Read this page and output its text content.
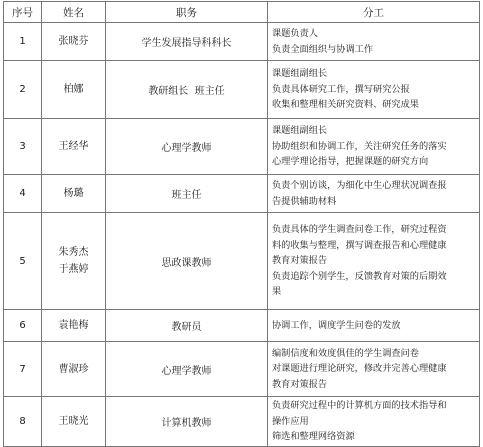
序号	姓名	职务	分工
1	张晓芬	学生发展指导科科长	课题负责人
负责全面组织与协调工作

2	柏娜	教研组长  班主任	课题组副组长
负责具体研究工作，撰写研究公报
收集和整理相关研究资料、研究成果

3	王经华	心理学教师	课题组副组长
协助组织和协调工作，关注研究任务的落实
心理学理论指导，把握课题的研究方向

4	杨璐	班主任	负责个别访谈，为细化中生心理状况调查报
告提供辅助材料

5	朱秀杰
于燕婷	思政课教师	负责具体的学生调查问卷工作，研究过程资
料的收集与整理，撰写调查报告和心理健康
教育对策报告
负责追踪个别学生，反馈教育对策的后期效
果

6	袁艳梅	教研员	协调工作，调度学生问卷的发放

7	曹淑珍	心理学教师	编制信度和效度俱佳的学生调查问卷
对课题进行理论研究，修改并完善心理健康
教育对策报告

8	王晓光	计算机教师	负责研究过程中的计算机方面的技术指导和
操作应用
筛选和整理网络资源
